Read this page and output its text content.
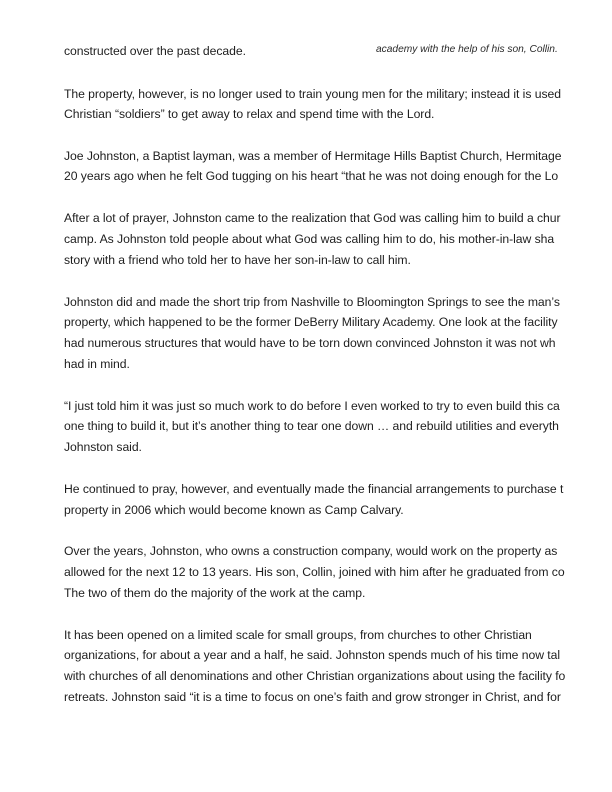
academy with the help of his son, Collin.
constructed over the past decade.
The property, however, is no longer used to train young men for the military; instead it is used
Christian “soldiers” to get away to relax and spend time with the Lord.
Joe Johnston, a Baptist layman, was a member of Hermitage Hills Baptist Church, Hermitage
20 years ago when he felt God tugging on his heart “that he was not doing enough for the Lo
After a lot of prayer, Johnston came to the realization that God was calling him to build a chur
camp. As Johnston told people about what God was calling him to do, his mother-in-law sha
story with a friend who told her to have her son-in-law to call him.
Johnston did and made the short trip from Nashville to Bloomington Springs to see the man’s
property, which happened to be the former DeBerry Military Academy. One look at the facility
had numerous structures that would have to be torn down convinced Johnston it was not wh
had in mind.
“I just told him it was just so much work to do before I even worked to try to even build this ca
one thing to build it, but it’s another thing to tear one down … and rebuild utilities and everyth
Johnston said.
He continued to pray, however, and eventually made the financial arrangements to purchase t
property in 2006 which would become known as Camp Calvary.
Over the years, Johnston, who owns a construction company, would work on the property as
allowed for the next 12 to 13 years. His son, Collin, joined with him after he graduated from co
The two of them do the majority of the work at the camp.
It has been opened on a limited scale for small groups, from churches to other Christian
organizations, for about a year and a half, he said. Johnston spends much of his time now tal
with churches of all denominations and other Christian organizations about using the facility fo
retreats. Johnston said “it is a time to focus on one’s faith and grow stronger in Christ, and for
